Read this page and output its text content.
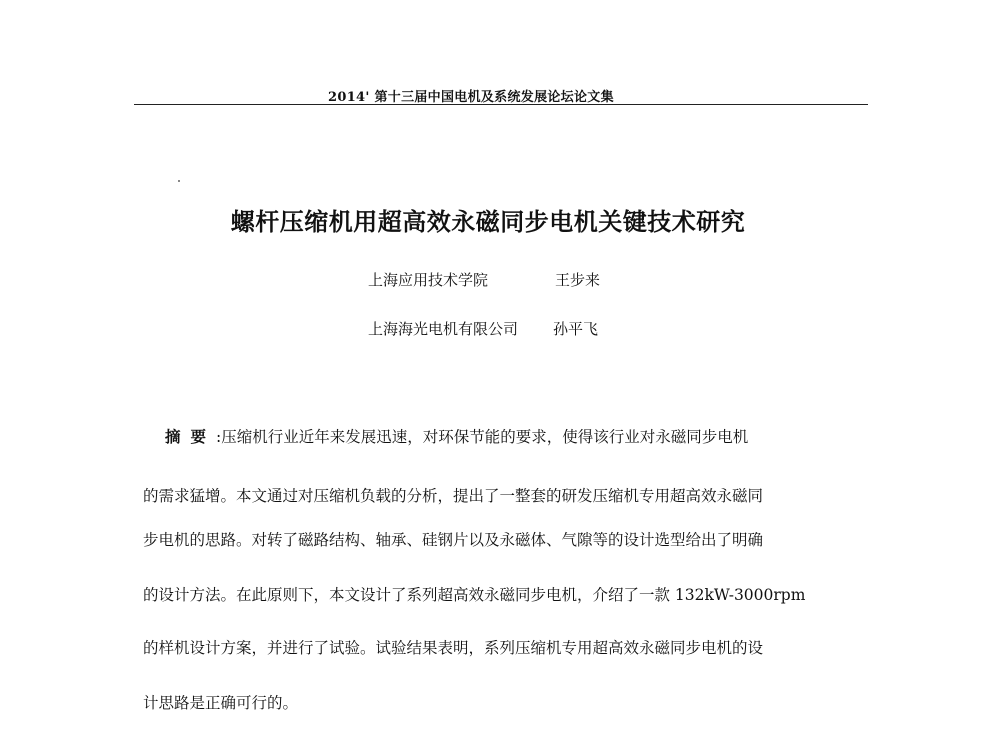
2014' 第十三届中国电机及系统发展论坛论文集
螺杆压缩机用超高效永磁同步电机关键技术研究
上海应用技术学院	王步来
上海海光电机有限公司 孙平飞
摘要:压缩机行业近年来发展迅速，对环保节能的要求，使得该行业对永磁同步电机
的需求猛增。本文通过对压缩机负载的分析，提出了一整套的研发压缩机专用超高效永磁同
步电机的思路。对转了磁路结构、轴承、硅钢片以及永磁体、气隙等的设计选型给出了明确
的设计方法。在此原则下，本文设计了系列超高效永磁同步电机，介绍了一款 132kW-3000rpm
的样机设计方案，并进行了试验。试验结果表明，系列压缩机专用超高效永磁同步电机的设
计思路是正确可行的。
